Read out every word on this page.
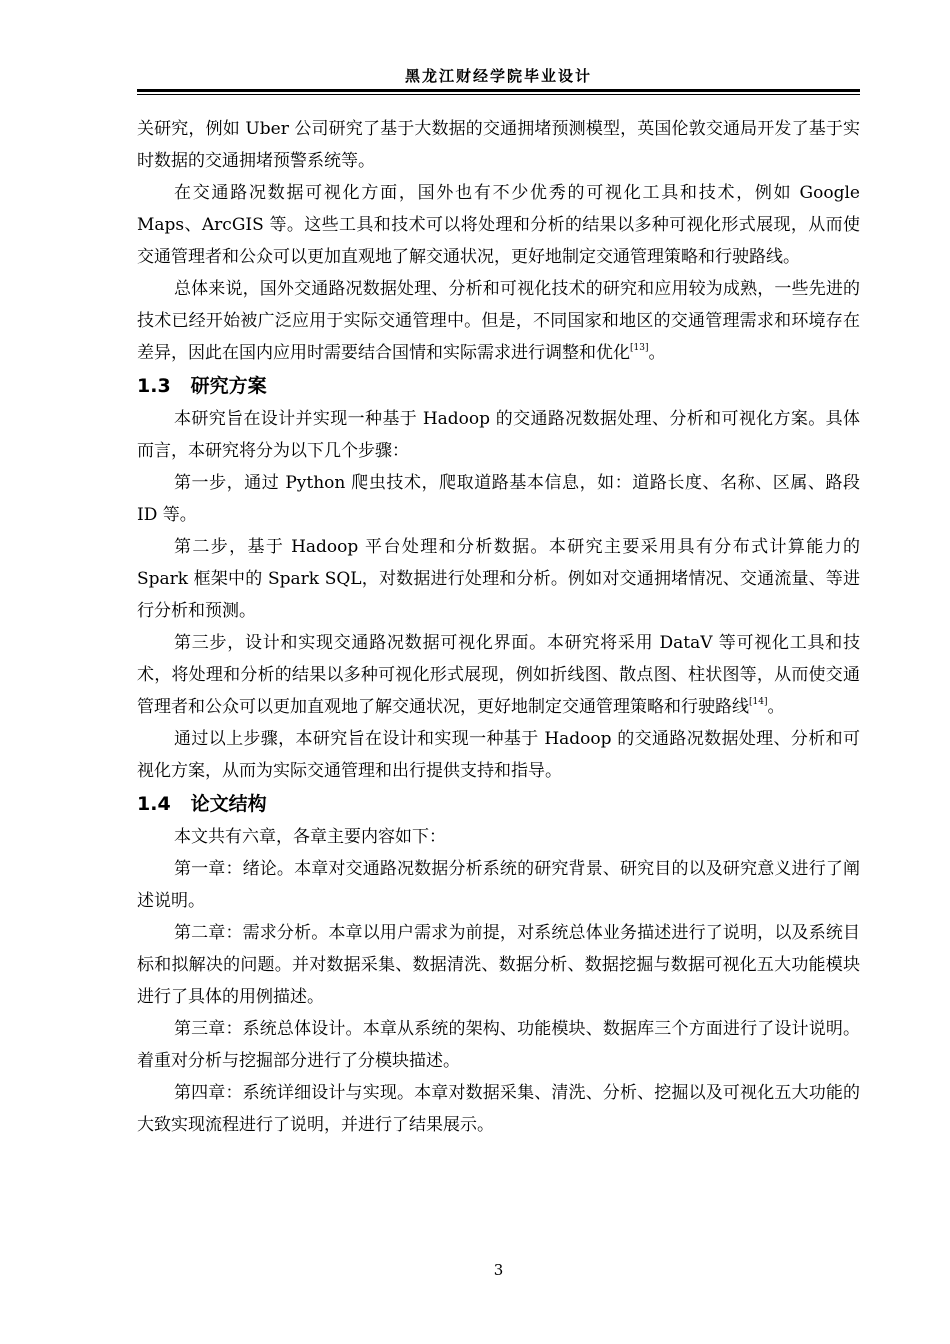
黑龙江财经学院毕业设计

关研究，例如 Uber 公司研究了基于大数据的交通拥堵预测模型，英国伦敦交通局开发了基于实时数据的交通拥堵预警系统等。

在交通路况数据可视化方面，国外也有不少优秀的可视化工具和技术，例如 Google Maps、ArcGIS 等。这些工具和技术可以将处理和分析的结果以多种可视化形式展现，从而使交通管理者和公众可以更加直观地了解交通状况，更好地制定交通管理策略和行驶路线。

总体来说，国外交通路况数据处理、分析和可视化技术的研究和应用较为成熟，一些先进的技术已经开始被广泛应用于实际交通管理中。但是，不同国家和地区的交通管理需求和环境存在差异，因此在国内应用时需要结合国情和实际需求进行调整和优化[13]。

1.3 研究方案

本研究旨在设计并实现一种基于 Hadoop 的交通路况数据处理、分析和可视化方案。具体而言，本研究将分为以下几个步骤：

第一步，通过 Python 爬虫技术，爬取道路基本信息，如：道路长度、名称、区属、路段 ID 等。

第二步，基于 Hadoop 平台处理和分析数据。本研究主要采用具有分布式计算能力的 Spark 框架中的 Spark SQL，对数据进行处理和分析。例如对交通拥堵情况、交通流量、等进行分析和预测。

第三步，设计和实现交通路况数据可视化界面。本研究将采用 DataV 等可视化工具和技术，将处理和分析的结果以多种可视化形式展现，例如折线图、散点图、柱状图等，从而使交通管理者和公众可以更加直观地了解交通状况，更好地制定交通管理策略和行驶路线[14]。

通过以上步骤，本研究旨在设计和实现一种基于 Hadoop 的交通路况数据处理、分析和可视化方案，从而为实际交通管理和出行提供支持和指导。

1.4 论文结构

本文共有六章，各章主要内容如下：

第一章：绪论。本章对交通路况数据分析系统的研究背景、研究目的以及研究意义进行了阐述说明。

第二章：需求分析。本章以用户需求为前提，对系统总体业务描述进行了说明，以及系统目标和拟解决的问题。并对数据采集、数据清洗、数据分析、数据挖掘与数据可视化五大功能模块进行了具体的用例描述。

第三章：系统总体设计。本章从系统的架构、功能模块、数据库三个方面进行了设计说明。着重对分析与挖掘部分进行了分模块描述。

第四章：系统详细设计与实现。本章对数据采集、清洗、分析、挖掘以及可视化五大功能的大致实现流程进行了说明，并进行了结果展示。

3
